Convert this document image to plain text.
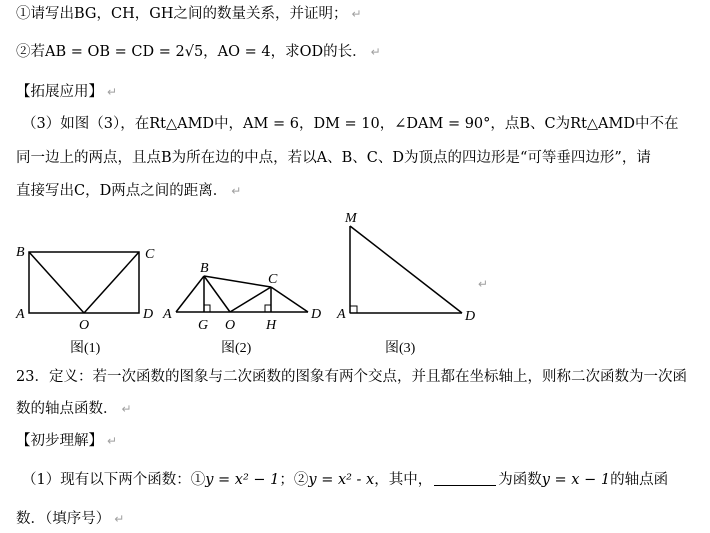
①请写出BG，CH，GH之间的数量关系，并证明； ↵
②若AB = OB = CD = 2√5，AO = 4，求OD的长． ↵
【拓展应用】 ↵
（3）如图（3），在Rt△AMD中，AM = 6，DM = 10，∠DAM = 90°，点B、C为Rt△AMD中不在
同一边上的两点，且点B为所在边的中点，若以A、B、C、D为顶点的四边形是“可等垂四边形”，请
直接写出C，D两点之间的距离． ↵
B	C
A
O
D
图(1)
B
C
A
G O H
D
图(2)
M
A	D
图(3)
↵
23．定义：若一次函数的图象与二次函数的图象有两个交点，并且都在坐标轴上，则称二次函数为一次函
数的轴点函数． ↵
【初步理解】 ↵
（1）现有以下两个函数：①y = x² − 1；②y = x² - x，其中，	为函数y = x − 1的轴点函
数．（填序号） ↵
